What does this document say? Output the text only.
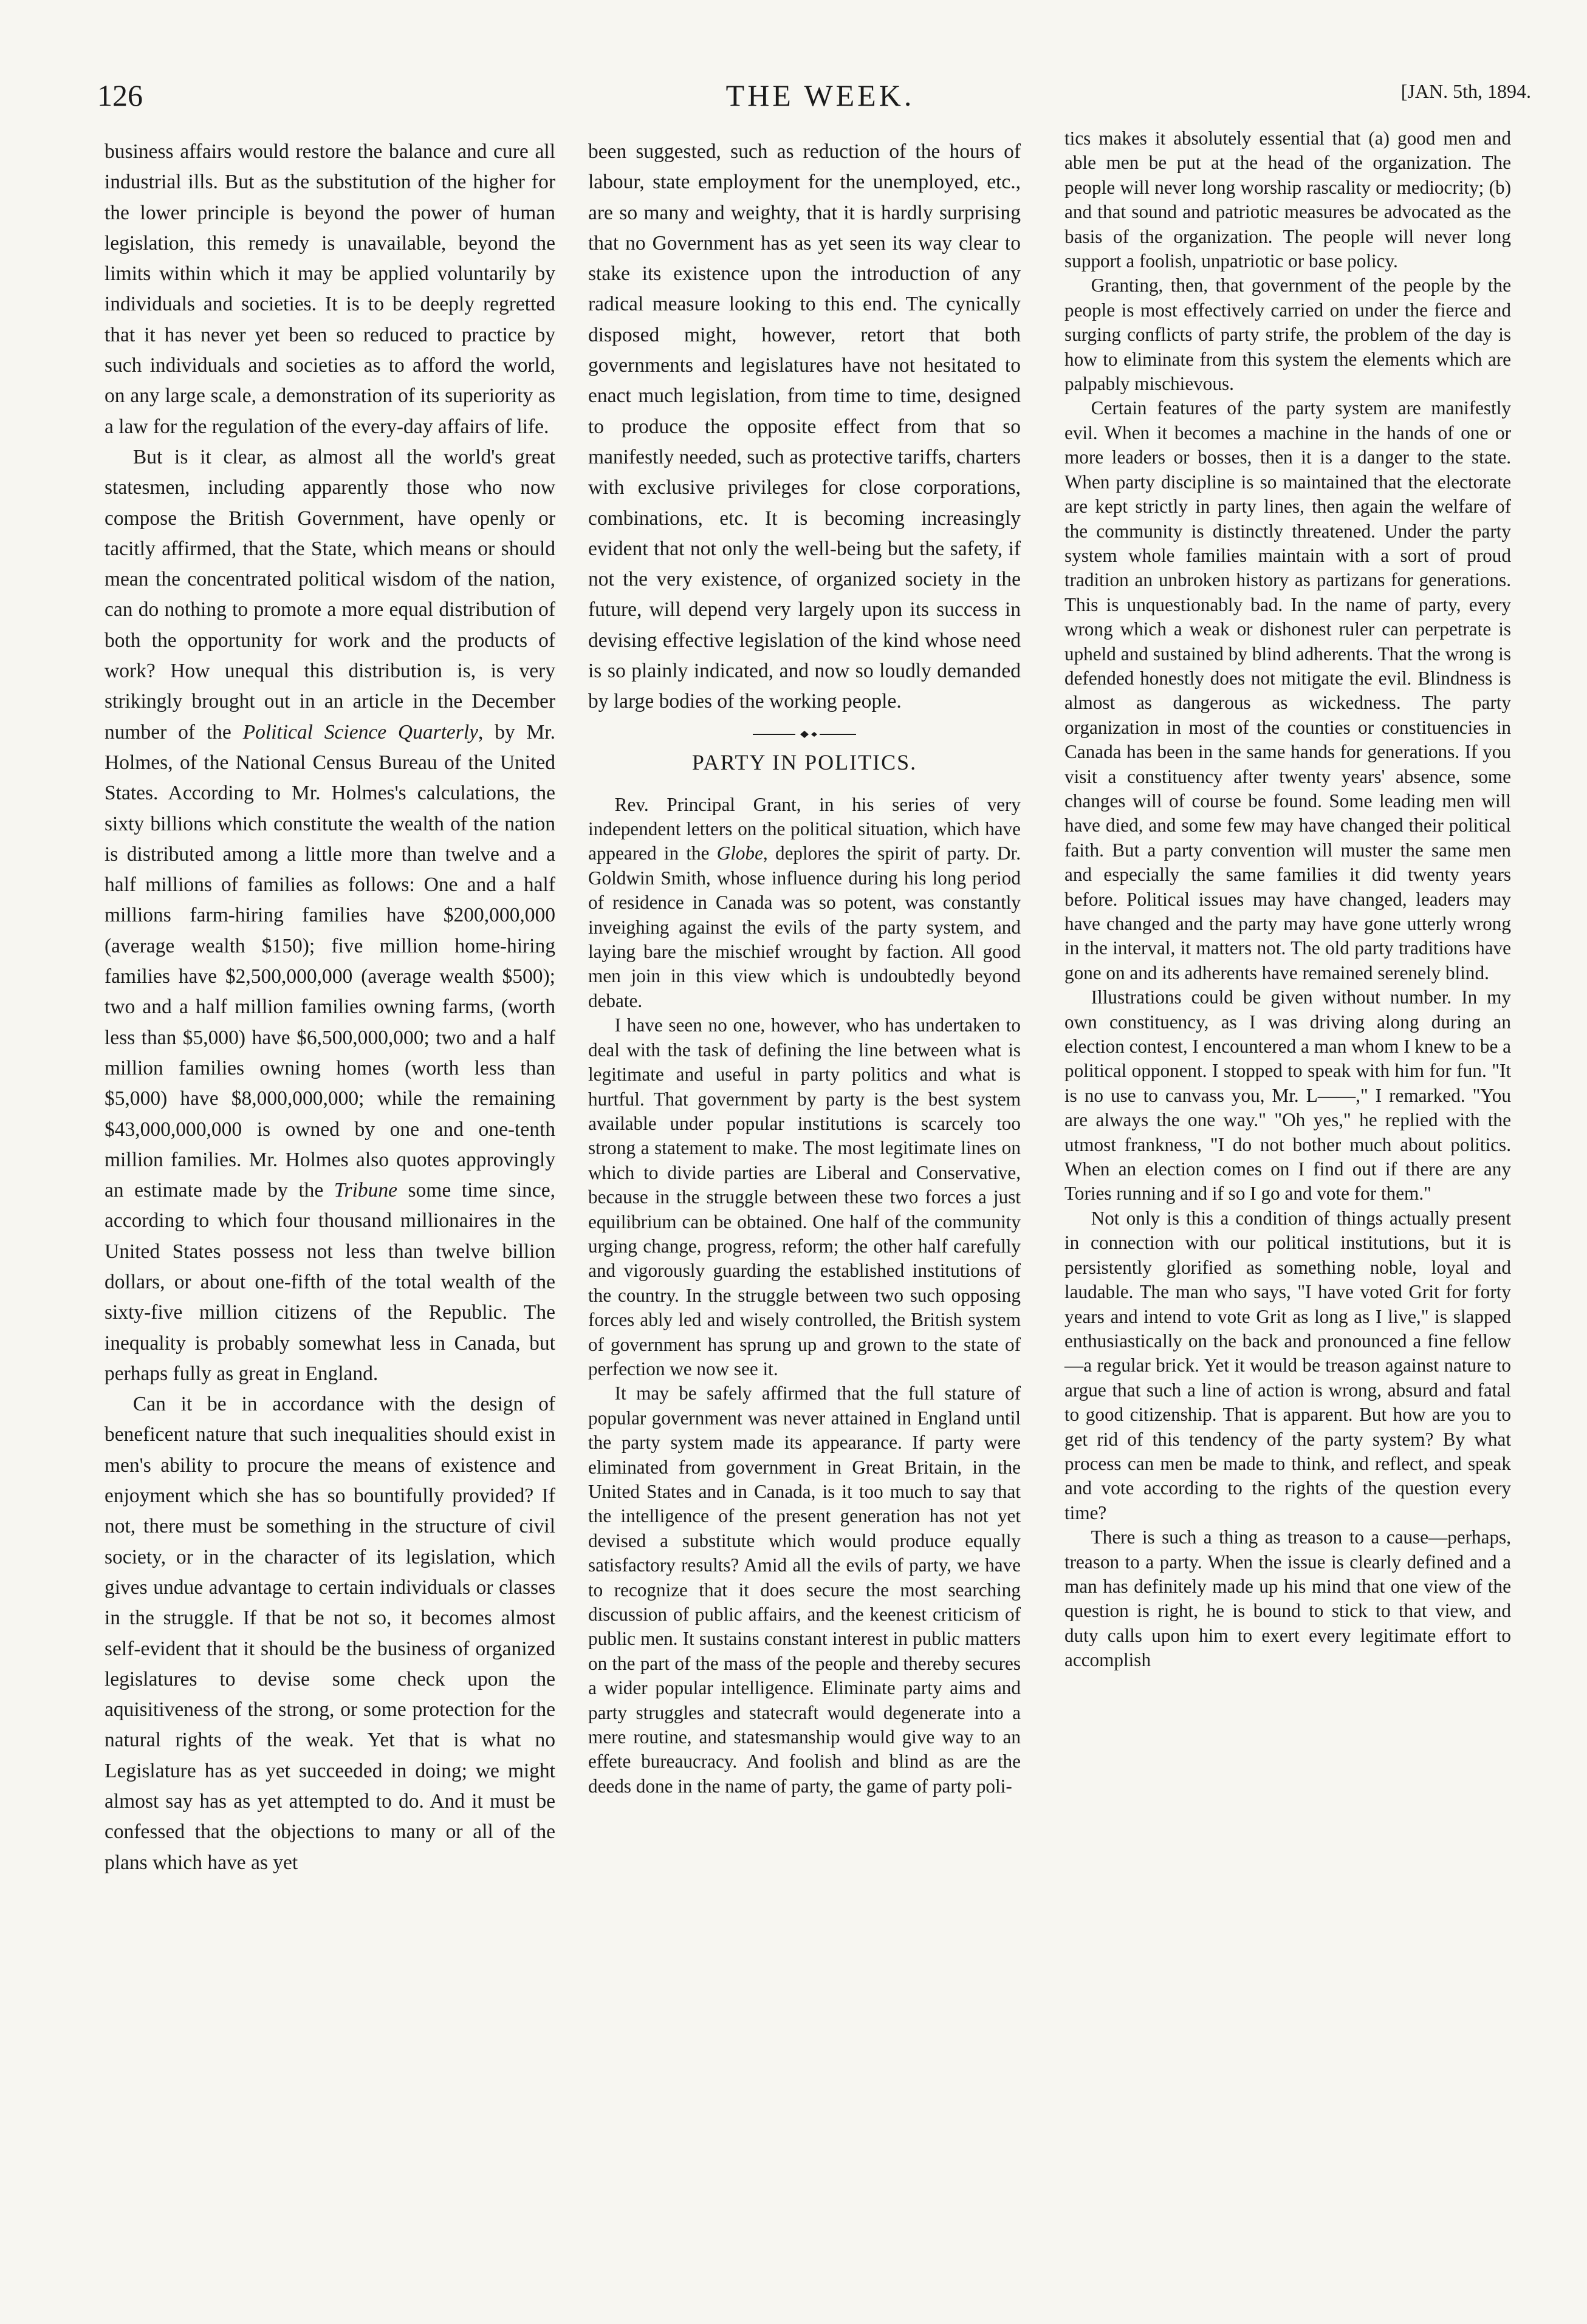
126	THE WEEK.	[JAN. 5th, 1894.

business affairs would restore the balance and cure all industrial ills. But as the substitution of the higher for the lower principle is beyond the power of human legislation, this remedy is unavailable, beyond the limits within which it may be applied voluntarily by individuals and societies. It is to be deeply regretted that it has never yet been so reduced to practice by such individuals and societies as to afford the world, on any large scale, a demonstration of its superiority as a law for the regulation of the every-day affairs of life.

But is it clear, as almost all the world's great statesmen, including apparently those who now compose the British Government, have openly or tacitly affirmed, that the State, which means or should mean the concentrated political wisdom of the nation, can do nothing to promote a more equal distribution of both the opportunity for work and the products of work? How unequal this distribution is, is very strikingly brought out in an article in the December number of the Political Science Quarterly, by Mr. Holmes, of the National Census Bureau of the United States. According to Mr. Holmes's calculations, the sixty billions which constitute the wealth of the nation is distributed among a little more than twelve and a half millions of families as follows: One and a half millions farm-hiring families have $200,000,000 (average wealth $150); five million home-hiring families have $2,500,000,000 (average wealth $500); two and a half million families owning farms, (worth less than $5,000) have $6,500,000,000; two and a half million families owning homes (worth less than $5,000) have $8,000,000,000; while the remaining $43,000,000,000 is owned by one and one-tenth million families. Mr. Holmes also quotes approvingly an estimate made by the Tribune some time since, according to which four thousand millionaires in the United States possess not less than twelve billion dollars, or about one-fifth of the total wealth of the sixty-five million citizens of the Republic. The inequality is probably somewhat less in Canada, but perhaps fully as great in England.

Can it be in accordance with the design of beneficent nature that such inequalities should exist in men's ability to procure the means of existence and enjoyment which she has so bountifully provided? If not, there must be something in the structure of civil society, or in the character of its legislation, which gives undue advantage to certain individuals or classes in the struggle. If that be not so, it becomes almost self-evident that it should be the business of organized legislatures to devise some check upon the aquisitiveness of the strong, or some protection for the natural rights of the weak. Yet that is what no Legislature has as yet succeeded in doing; we might almost say has as yet attempted to do. And it must be confessed that the objections to many or all of the plans which have as yet

been suggested, such as reduction of the hours of labour, state employment for the unemployed, etc., are so many and weighty, that it is hardly surprising that no Government has as yet seen its way clear to stake its existence upon the introduction of any radical measure looking to this end. The cynically disposed might, however, retort that both governments and legislatures have not hesitated to enact much legislation, from time to time, designed to produce the opposite effect from that so manifestly needed, such as protective tariffs, charters with exclusive privileges for close corporations, combinations, etc. It is becoming increasingly evident that not only the well-being but the safety, if not the very existence, of organized society in the future, will depend very largely upon its success in devising effective legislation of the kind whose need is so plainly indicated, and now so loudly demanded by large bodies of the working people.

PARTY IN POLITICS.

Rev. Principal Grant, in his series of very independent letters on the political situation, which have appeared in the Globe, deplores the spirit of party. Dr. Goldwin Smith, whose influence during his long period of residence in Canada was so potent, was constantly inveighing against the evils of the party system, and laying bare the mischief wrought by faction. All good men join in this view which is undoubtedly beyond debate.

I have seen no one, however, who has undertaken to deal with the task of defining the line between what is legitimate and useful in party politics and what is hurtful. That government by party is the best system available under popular institutions is scarcely too strong a statement to make. The most legitimate lines on which to divide parties are Liberal and Conservative, because in the struggle between these two forces a just equilibrium can be obtained. One half of the community urging change, progress, reform; the other half carefully and vigorously guarding the established institutions of the country. In the struggle between two such opposing forces ably led and wisely controlled, the British system of government has sprung up and grown to the state of perfection we now see it.

It may be safely affirmed that the full stature of popular government was never attained in England until the party system made its appearance. If party were eliminated from government in Great Britain, in the United States and in Canada, is it too much to say that the intelligence of the present generation has not yet devised a substitute which would produce equally satisfactory results? Amid all the evils of party, we have to recognize that it does secure the most searching discussion of public affairs, and the keenest criticism of public men. It sustains constant interest in public matters on the part of the mass of the people and thereby secures a wider popular intelligence. Eliminate party aims and party struggles and statecraft would degenerate into a mere routine, and statesmanship would give way to an effete bureaucracy. And foolish and blind as are the deeds done in the name of party, the game of party poli-

tics makes it absolutely essential that (a) good men and able men be put at the head of the organization. The people will never long worship rascality or mediocrity; (b) and that sound and patriotic measures be advocated as the basis of the organization. The people will never long support a foolish, unpatriotic or base policy.

Granting, then, that government of the people by the people is most effectively carried on under the fierce and surging conflicts of party strife, the problem of the day is how to eliminate from this system the elements which are palpably mischievous.

Certain features of the party system are manifestly evil. When it becomes a machine in the hands of one or more leaders or bosses, then it is a danger to the state. When party discipline is so maintained that the electorate are kept strictly in party lines, then again the welfare of the community is distinctly threatened. Under the party system whole families maintain with a sort of proud tradition an unbroken history as partizans for generations. This is unquestionably bad. In the name of party, every wrong which a weak or dishonest ruler can perpetrate is upheld and sustained by blind adherents. That the wrong is defended honestly does not mitigate the evil. Blindness is almost as dangerous as wickedness. The party organization in most of the counties or constituencies in Canada has been in the same hands for generations. If you visit a constituency after twenty years' absence, some changes will of course be found. Some leading men will have died, and some few may have changed their political faith. But a party convention will muster the same men and especially the same families it did twenty years before. Political issues may have changed, leaders may have changed and the party may have gone utterly wrong in the interval, it matters not. The old party traditions have gone on and its adherents have remained serenely blind.

Illustrations could be given without number. In my own constituency, as I was driving along during an election contest, I encountered a man whom I knew to be a political opponent. I stopped to speak with him for fun. "It is no use to canvass you, Mr. L——," I remarked. "You are always the one way." "Oh yes," he replied with the utmost frankness, "I do not bother much about politics. When an election comes on I find out if there are any Tories running and if so I go and vote for them."

Not only is this a condition of things actually present in connection with our political institutions, but it is persistently glorified as something noble, loyal and laudable. The man who says, "I have voted Grit for forty years and intend to vote Grit as long as I live," is slapped enthusiastically on the back and pronounced a fine fellow—a regular brick. Yet it would be treason against nature to argue that such a line of action is wrong, absurd and fatal to good citizenship. That is apparent. But how are you to get rid of this tendency of the party system? By what process can men be made to think, and reflect, and speak and vote according to the rights of the question every time?

There is such a thing as treason to a cause—perhaps, treason to a party. When the issue is clearly defined and a man has definitely made up his mind that one view of the question is right, he is bound to stick to that view, and duty calls upon him to exert every legitimate effort to accomplish
